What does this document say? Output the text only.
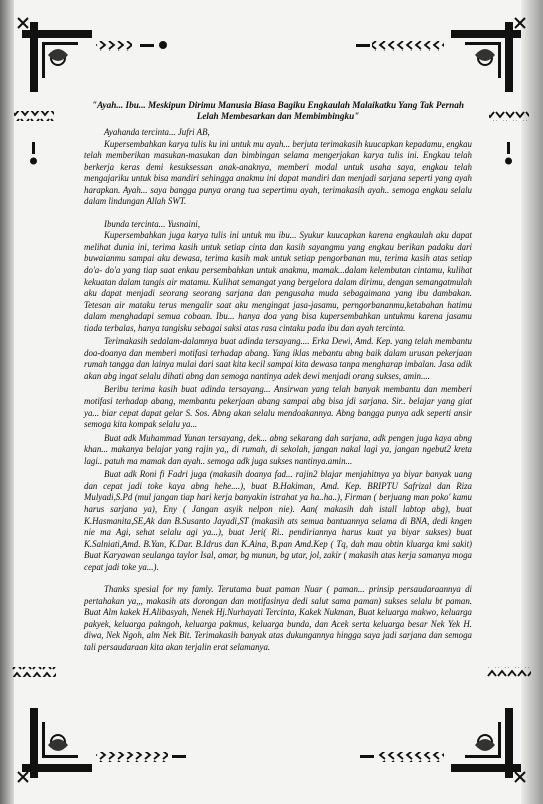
"Ayah... Ibu... Meskipun Dirimu Manusia Biasa Bagiku Engkaulah Malaikatku Yang Tak Pernah Lelah Membesarkan dan Membimbingku"

Ayahanda tercinta... Jufri AB,

Kupersembahkan karya tulis ku ini untuk mu ayah... berjuta terimakasih kuucapkan kepadamu, engkau telah memberikan masukan-masukan dan bimbingan selama mengerjakan karya tulis ini. Engkau telah berkerja keras demi kesuksessan anak-anaknya, memberi modal untuk usaha saya, engkau telah mengajariku untuk bisa mandiri sehingga anakmu ini dapat mandiri dan menjadi sarjana seperti yang ayah harapkan. Ayah... saya bangga punya orang tua sepertimu ayah, terimakasih ayah.. semoga engkau selalu dalam lindungan Allah SWT.

Ibunda tercinta... Yusnaini,

Kupersembahkan juga karya tulis ini untuk mu ibu... Syukur kuucapkan karena engkaulah aku dapat melihat dunia ini, terima kasih untuk setiap cinta dan kasih sayangmu yang engkau berikan padaku dari buwaianmu sampai aku dewasa, terima kasih mak untuk setiap pengorbanan mu, terima kasih atas setiap do'a- do'a yang tiap saat enkau persembahkan untuk anakmu, mamak...dalam kelembutan cintamu, kulihat kekuatan dalam tangis air matamu. Kulihat semangat yang bergelora dalam dirimu, dengan semangatmulah aku dapat menjadi seorang seorang sarjana dan pengusaha muda sebagaimana yang ibu dambakan. Tetesan air mataku terus mengalir saat aku mengingat jasa-jasamu, perngorbananmu,ketabahan hatimu dalam menghadapi semua cobaan. Ibu... hanya doa yang bisa kupersembahkan untukmu karena jasamu tiada terbalas, hanya tangisku sebagai saksi atas rasa cintaku pada ibu dan ayah tercinta.

Terimakasih sedalam-dalamnya buat adinda tersayang.... Erka Dewi, Amd. Kep. yang telah membantu doa-doanya dan memberi motifasi terhadap abang. Yang iklas mebantu abng baik dalam urusan pekerjaan rumah tangga dan lainya mulai dari saat kita kecil sampai kita dewasa tanpa mengharap imbalan. Jasa adik akan abg ingat selalu dihati abng dan semoga nantinya adek dewi menjadi orang sukses, amin....

Beribu terima kasih buat adinda tersayang... Ansirwan yang telah banyak membantu dan memberi motifasi terhadap abang, membantu pekerjaan abang sampai abg bisa jdi sarjana. Sir.. belajar yang giat ya... biar cepat dapat gelar S. Sos. Abng akan selalu mendoakannya. Abng bangga punya adk seperti ansir semoga kita kompak selalu ya...

Buat adk Muhammad Yunan tersayang, dek... abng sekarang dah sarjana, adk pengen juga kaya abng khan... makanya belajar yang rajin ya,, di rumah, di sekolah, jangan nakal lagi ya, jangan ngebut2 kreta lagi.. patuh ma mamak dan ayah.. semoga adk juga sukses nantinya.amin...

Buat adk Roni fi Fadri juga (makasih doanya fad... rajin2 blajar menjahitnya ya biyar banyak uang dan cepat jadi toke kaya abng hehe....), buat B.Hakiman, Amd. Kep. BRIPTU Safrizal dan Riza Mulyadi,S.Pd (mul jangan tiap hari kerja banyakin istrahat ya ha..ha..), Firman ( berjuang man poko' kamu harus sarjana ya), Eny ( Jangan asyik nelpon nie). Aan( makasih dah istall labtop abg), buat K.Hasmanita,SE,Ak dan B.Susanto Jayadi,ST (makasih ats semua bantuannya selama di BNA, dedi kngen nie ma Agi, sehat selalu agi ya...), buat Jeri( Ri.. pendiriannya harus kuat ya biyar sukses) buat K.Salniati,Amd. B.Yan, K.Dar. B.Idrus dan K.Aina, B.pan Amd.Kep ( Tq, dah mau obtin kluarga kmi sakit) Buat Karyawan seulanga taylor Isal, amar, bg munun, bg utar, jol, zakir ( makasih atas kerja samanya moga cepat jadi toke ya...).

Thanks spesial for my famly. Terutama buat paman Nuar ( paman... prinsip persaudaraannya di pertahakan ya,,, makasih ats dorongan dan motifasinya dedi salut sama paman) sukses selalu bt paman. Buat Alm kakek H.Alibasyah, Nenek Hj.Nurhayati Tercinta, Kakek Nukman, Buat keluarga makwo, keluarga pakyek, keluarga pakngoh, keluarga pakmus, keluarga bunda, dan Acek serta keluarga besar Nek Yek H. diwa, Nek Ngoh, alm Nek Bit. Terimakasih banyak atas dukungannya hingga saya jadi sarjana dan semoga tali persaudaraan kita akan terjalin erat selamanya.
